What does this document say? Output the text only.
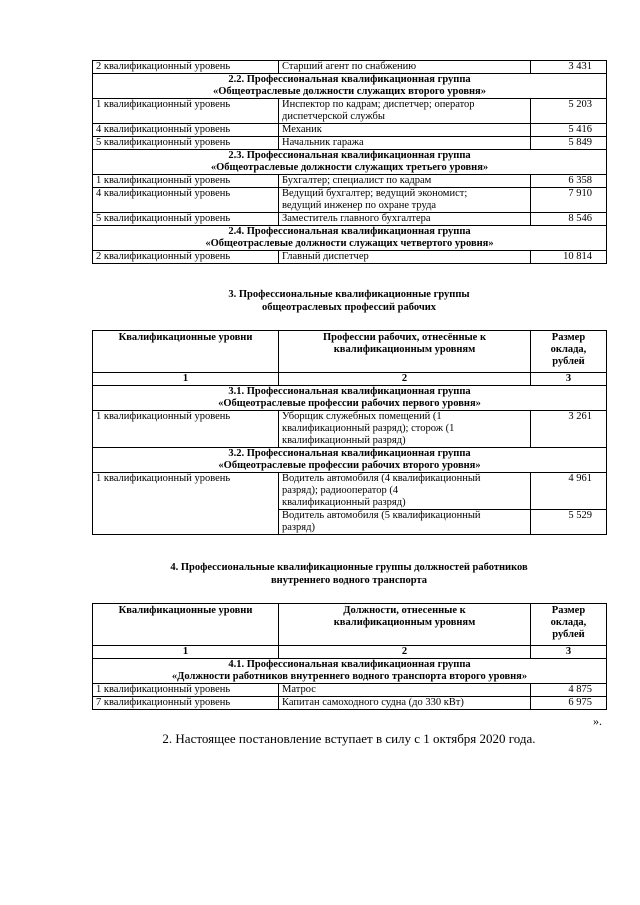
2 квалификационный уровень	Старший агент по снабжению	3 431

2.2. Профессиональная квалификационная группа
«Общеотраслевые должности служащих второго уровня»		

1 квалификационный уровень	Инспектор по кадрам; диспетчер; оператор
диспетчерской службы	5 203
4 квалификационный уровень	Механик	5 416
5 квалификационный уровень	Начальник гаража	5 849

2.3. Профессиональная квалификационная группа
«Общеотраслевые должности служащих третьего уровня»		

1 квалификационный уровень	Бухгалтер; специалист по кадрам	6 358
4 квалификационный уровень	Ведущий бухгалтер; ведущий экономист;
ведущий инженер по охране труда	7 910
5 квалификационный уровень	Заместитель главного бухгалтера	8 546

2.4. Профессиональная квалификационная группа
«Общеотраслевые должности служащих четвертого уровня»		

2 квалификационный уровень	Главный диспетчер	10 814
3. Профессиональные квалификационные группы
общеотраслевых профессий рабочих
Квалификационные уровни	Профессии рабочих, отнесённые к
квалификационным уровням	Размер
оклада,
рублей

1	2	3

3.1. Профессиональная квалификационная группа
«Общеотраслевые профессии рабочих первого уровня»		

1 квалификационный уровень	Уборщик служебных помещений (1
квалификационный разряд); сторож (1
квалификационный разряд)	3 261

3.2. Профессиональная квалификационная группа
«Общеотраслевые профессии рабочих второго уровня»		

1 квалификационный уровень	Водитель автомобиля (4 квалификационный
разряд); радиооператор (4
квалификационный разряд)	4 961

	Водитель автомобиля (5 квалификационный
разряд)	5 529
4. Профессиональные квалификационные группы должностей работников
внутреннего водного транспорта
Квалификационные уровни	Должности, отнесенные к
квалификационным уровням	Размер
оклада,
рублей

1	2	3

4.1. Профессиональная квалификационная группа
«Должности работников внутреннего водного транспорта второго уровня»		

1 квалификационный уровень	Матрос	4 875
7 квалификационный уровень	Капитан самоходного судна (до 330 кВт)	6 975
».
2. Настоящее постановление вступает в силу с 1 октября 2020 года.
